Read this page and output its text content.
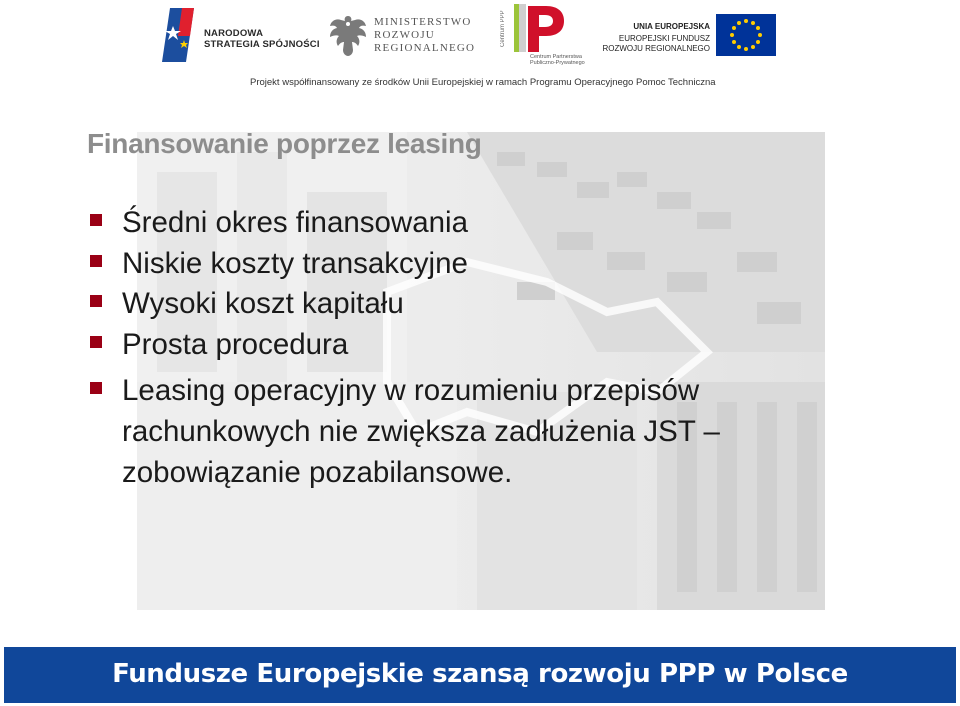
NARODOWA
STRATEGIA SPÓJNOŚCI
MINISTERSTWO
ROZWOJU
REGIONALNEGO
Centrum PPP
Centrum Partnerstwa
Publiczno-Prywatnego
UNIA EUROPEJSKA
EUROPEJSKI FUNDUSZ
ROZWOJU REGIONALNEGO
Projekt współfinansowany ze środków Unii Europejskiej w ramach Programu Operacyjnego Pomoc Techniczna
Finansowanie poprzez leasing
Średni okres finansowania
Niskie koszty transakcyjne
Wysoki koszt kapitału
Prosta procedura
Leasing operacyjny w rozumieniu przepisów rachunkowych nie zwiększa zadłużenia JST – zobowiązanie pozabilansowe.
Fundusze Europejskie szansą rozwoju PPP w Polsce
